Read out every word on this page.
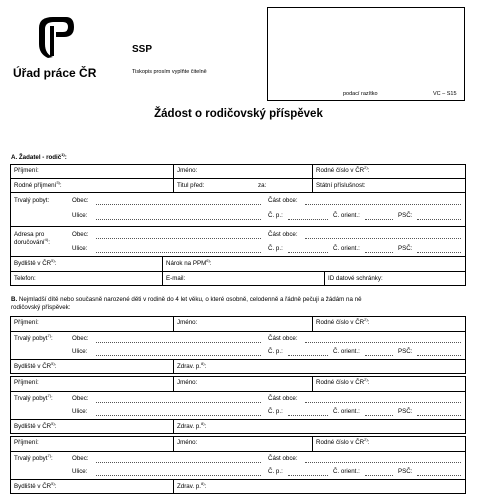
Úřad práce ČR
SSP
Tiskopis prosím vyplňte čitelně
podací razítko	VC – S15
Žádost o rodičovský příspěvek
A. Žadatel - rodič$^{1)}$:
Příjmení:	Jméno:	Rodné číslo v ČR$^{2)}$:
Rodné příjmení$^{3)}$:	Titul před:	za:	Státní příslušnost:
Trvalý pobyt:	Obec:	Část obce:
Ulice:	Č. p.:	Č. orient.:	PSČ:
Adresa pro
doručování$^{4)}$:
Obec:	Část obce:
Ulice:	Č. p.:	Č. orient.:	PSČ:
Bydliště v ČR$^{5)}$:	Nárok na PPM$^{6)}$:
Telefon:	E-mail:	ID datové schránky:
B. Nejmladší dítě nebo současně narozené děti v rodině do 4 let věku, o které osobně, celodenně a řádně pečuji a žádám na ně
rodičovský příspěvek:
Příjmení:	Jméno:	Rodné číslo v ČR$^{2)}$:
Trvalý pobyt$^{7)}$:	Obec:	Část obce:
Ulice:	Č. p.:	Č. orient.:	PSČ:
Bydliště v ČR$^{5)}$:	Zdrav. p.$^{8)}$:
Příjmení:	Jméno:	Rodné číslo v ČR$^{2)}$:
Trvalý pobyt$^{7)}$:	Obec:	Část obce:
Ulice:	Č. p.:	Č. orient.:	PSČ:
Bydliště v ČR$^{5)}$:	Zdrav. p.$^{8)}$:
Příjmení:	Jméno:	Rodné číslo v ČR$^{2)}$:
Trvalý pobyt$^{7)}$:	Obec:	Část obce:
Ulice:	Č. p.:	Č. orient.:	PSČ:
Bydliště v ČR$^{5)}$:	Zdrav. p.$^{8)}$:
